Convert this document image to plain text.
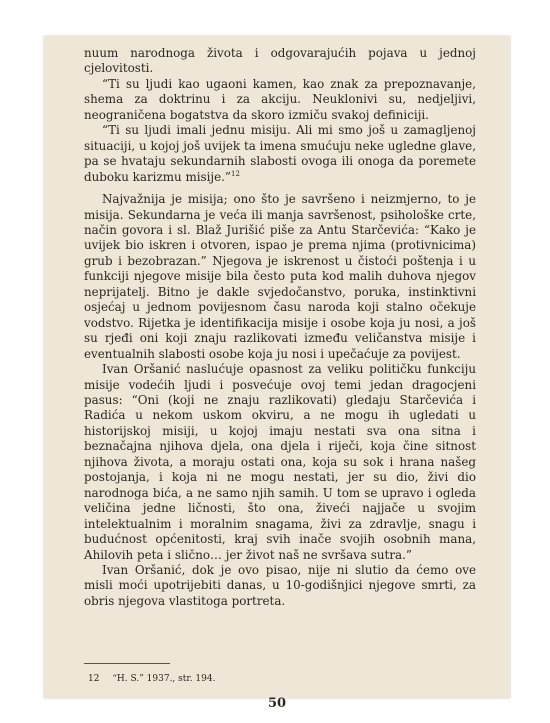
nuum narodnoga života i odgovarajućih pojava u jednoj cjelovitosti.

“Ti su ljudi kao ugaoni kamen, kao znak za prepoznavanje, shema za doktrinu i za akciju. Neuklonivi su, nedjeljivi, neograničena bogatstva da skoro izmiču svakoj definiciji.

“Ti su ljudi imali jednu misiju. Ali mi smo još u zamagljenoj situaciji, u kojoj još uvijek ta imena smućuju neke ugledne glave, pa se hvataju sekundarnih slabosti ovoga ili onoga da poremete duboku karizmu misije.”$^{12}$

Najvažnija je misija; ono što je savršeno i neizmjerno, to je misija. Sekundarna je veća ili manja savršenost, psihološke crte, način govora i sl. Blaž Jurišić piše za Antu Starčevića: “Kako je uvijek bio iskren i otvoren, ispao je prema njima (protivnicima) grub i bezobrazan.” Njegova je iskrenost u čistoći poštenja i u funkciji njegove misije bila često puta kod malih duhova njegov neprijatelj. Bitno je dakle svjedočanstvo, poruka, instinktivni osjećaj u jednom povijesnom času naroda koji stalno očekuje vodstvo. Rijetka je identifikacija misije i osobe koja ju nosi, a još su rjeđi oni koji znaju razlikovati između veličanstva misije i eventualnih slabosti osobe koja ju nosi i upečaćuje za povijest.

Ivan Oršanić naslućuje opasnost za veliku političku funkciju misije vodećih ljudi i posvećuje ovoj temi jedan dragocjeni pasus: “Oni (koji ne znaju razlikovati) gledaju Starčevića i Radića u nekom uskom okviru, a ne mogu ih ugledati u historijskoj misiji, u kojoj imaju nestati sva ona sitna i beznačajna njihova djela, ona djela i riječi, koja čine sitnost njihova života, a moraju ostati ona, koja su sok i hrana našeg postojanja, i koja ni ne mogu nestati, jer su dio, živi dio narodnoga bića, a ne samo njih samih. U tom se upravo i ogleda veličina jedne ličnosti, što ona, živeći najjače u svojim intelektualnim i moralnim snagama, živi za zdravlje, snagu i budućnost općenitosti, kraj svih inače svojih osobnih mana, Ahilovih peta i slično… jer život naš ne svršava sutra.”

Ivan Oršanić, dok je ovo pisao, nije ni slutio da ćemo ove misli moći upotrijebiti danas, u 10-godišnjici njegove smrti, za obris njegova vlastitoga portreta.

12 “H. S.” 1937., str. 194.
50
